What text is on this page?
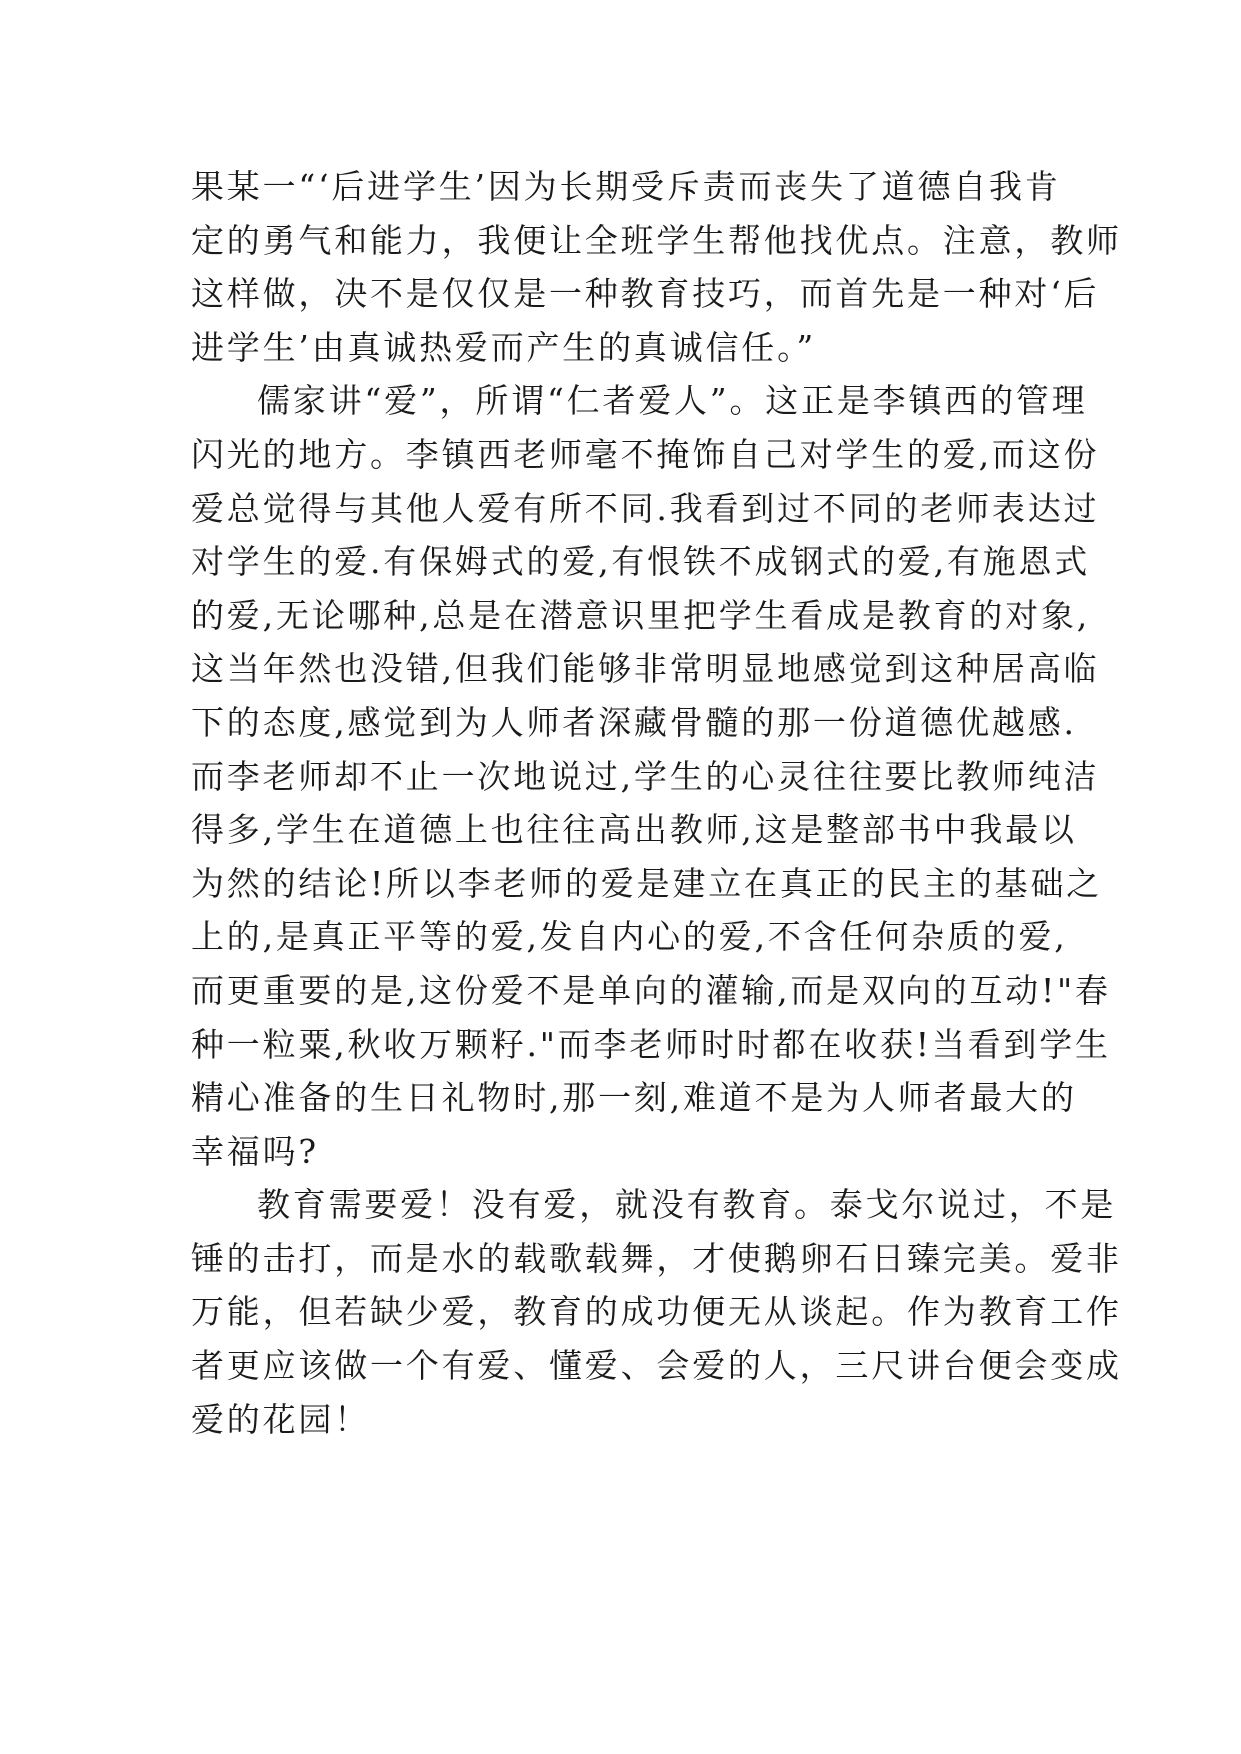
果某一“‘后进学生’因为长期受斥责而丧失了道德自我肯
定的勇气和能力，我便让全班学生帮他找优点。注意，教师
这样做，决不是仅仅是一种教育技巧，而首先是一种对‘后
进学生’由真诚热爱而产生的真诚信任。”
儒家讲“爱”，所谓“仁者爱人”。这正是李镇西的管理
闪光的地方。李镇西老师毫不掩饰自己对学生的爱,而这份
爱总觉得与其他人爱有所不同.我看到过不同的老师表达过
对学生的爱.有保姆式的爱,有恨铁不成钢式的爱,有施恩式
的爱,无论哪种,总是在潜意识里把学生看成是教育的对象,
这当年然也没错,但我们能够非常明显地感觉到这种居高临
下的态度,感觉到为人师者深藏骨髓的那一份道德优越感.
而李老师却不止一次地说过,学生的心灵往往要比教师纯洁
得多,学生在道德上也往往高出教师,这是整部书中我最以
为然的结论!所以李老师的爱是建立在真正的民主的基础之
上的,是真正平等的爱,发自内心的爱,不含任何杂质的爱,
而更重要的是,这份爱不是单向的灌输,而是双向的互动!"春
种一粒粟,秋收万颗籽."而李老师时时都在收获!当看到学生
精心准备的生日礼物时,那一刻,难道不是为人师者最大的
幸福吗?
教育需要爱！没有爱，就没有教育。泰戈尔说过，不是
锤的击打，而是水的载歌载舞，才使鹅卵石日臻完美。爱非
万能，但若缺少爱，教育的成功便无从谈起。作为教育工作
者更应该做一个有爱、懂爱、会爱的人，三尺讲台便会变成
爱的花园！
